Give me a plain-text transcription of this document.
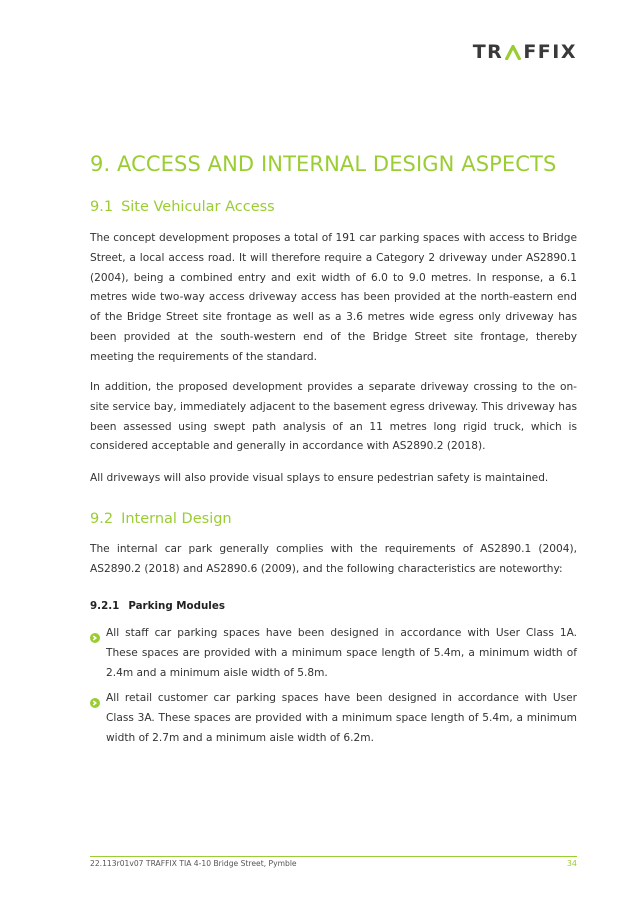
TR FFIX
9. ACCESS AND INTERNAL DESIGN ASPECTS
9.1 Site Vehicular Access

The concept development proposes a total of 191 car parking spaces with access to Bridge Street, a local access road. It will therefore require a Category 2 driveway under AS2890.1 (2004), being a combined entry and exit width of 6.0 to 9.0 metres. In response, a 6.1 metres wide two-way access driveway access has been provided at the north-eastern end of the Bridge Street site frontage as well as a 3.6 metres wide egress only driveway has been provided at the south-western end of the Bridge Street site frontage, thereby meeting the requirements of the standard.

In addition, the proposed development provides a separate driveway crossing to the on-site service bay, immediately adjacent to the basement egress driveway. This driveway has been assessed using swept path analysis of an 11 metres long rigid truck, which is considered acceptable and generally in accordance with AS2890.2 (2018).

All driveways will also provide visual splays to ensure pedestrian safety is maintained.

9.2 Internal Design

The internal car park generally complies with the requirements of AS2890.1 (2004), AS2890.2 (2018) and AS2890.6 (2009), and the following characteristics are noteworthy:

9.2.1 Parking Modules
All staff car parking spaces have been designed in accordance with User Class 1A. These spaces are provided with a minimum space length of 5.4m, a minimum width of 2.4m and a minimum aisle width of 5.8m.
All retail customer car parking spaces have been designed in accordance with User Class 3A. These spaces are provided with a minimum space length of 5.4m, a minimum width of 2.7m and a minimum aisle width of 6.2m.
22.113r01v07 TRAFFIX TIA 4-10 Bridge Street, Pymble	34
